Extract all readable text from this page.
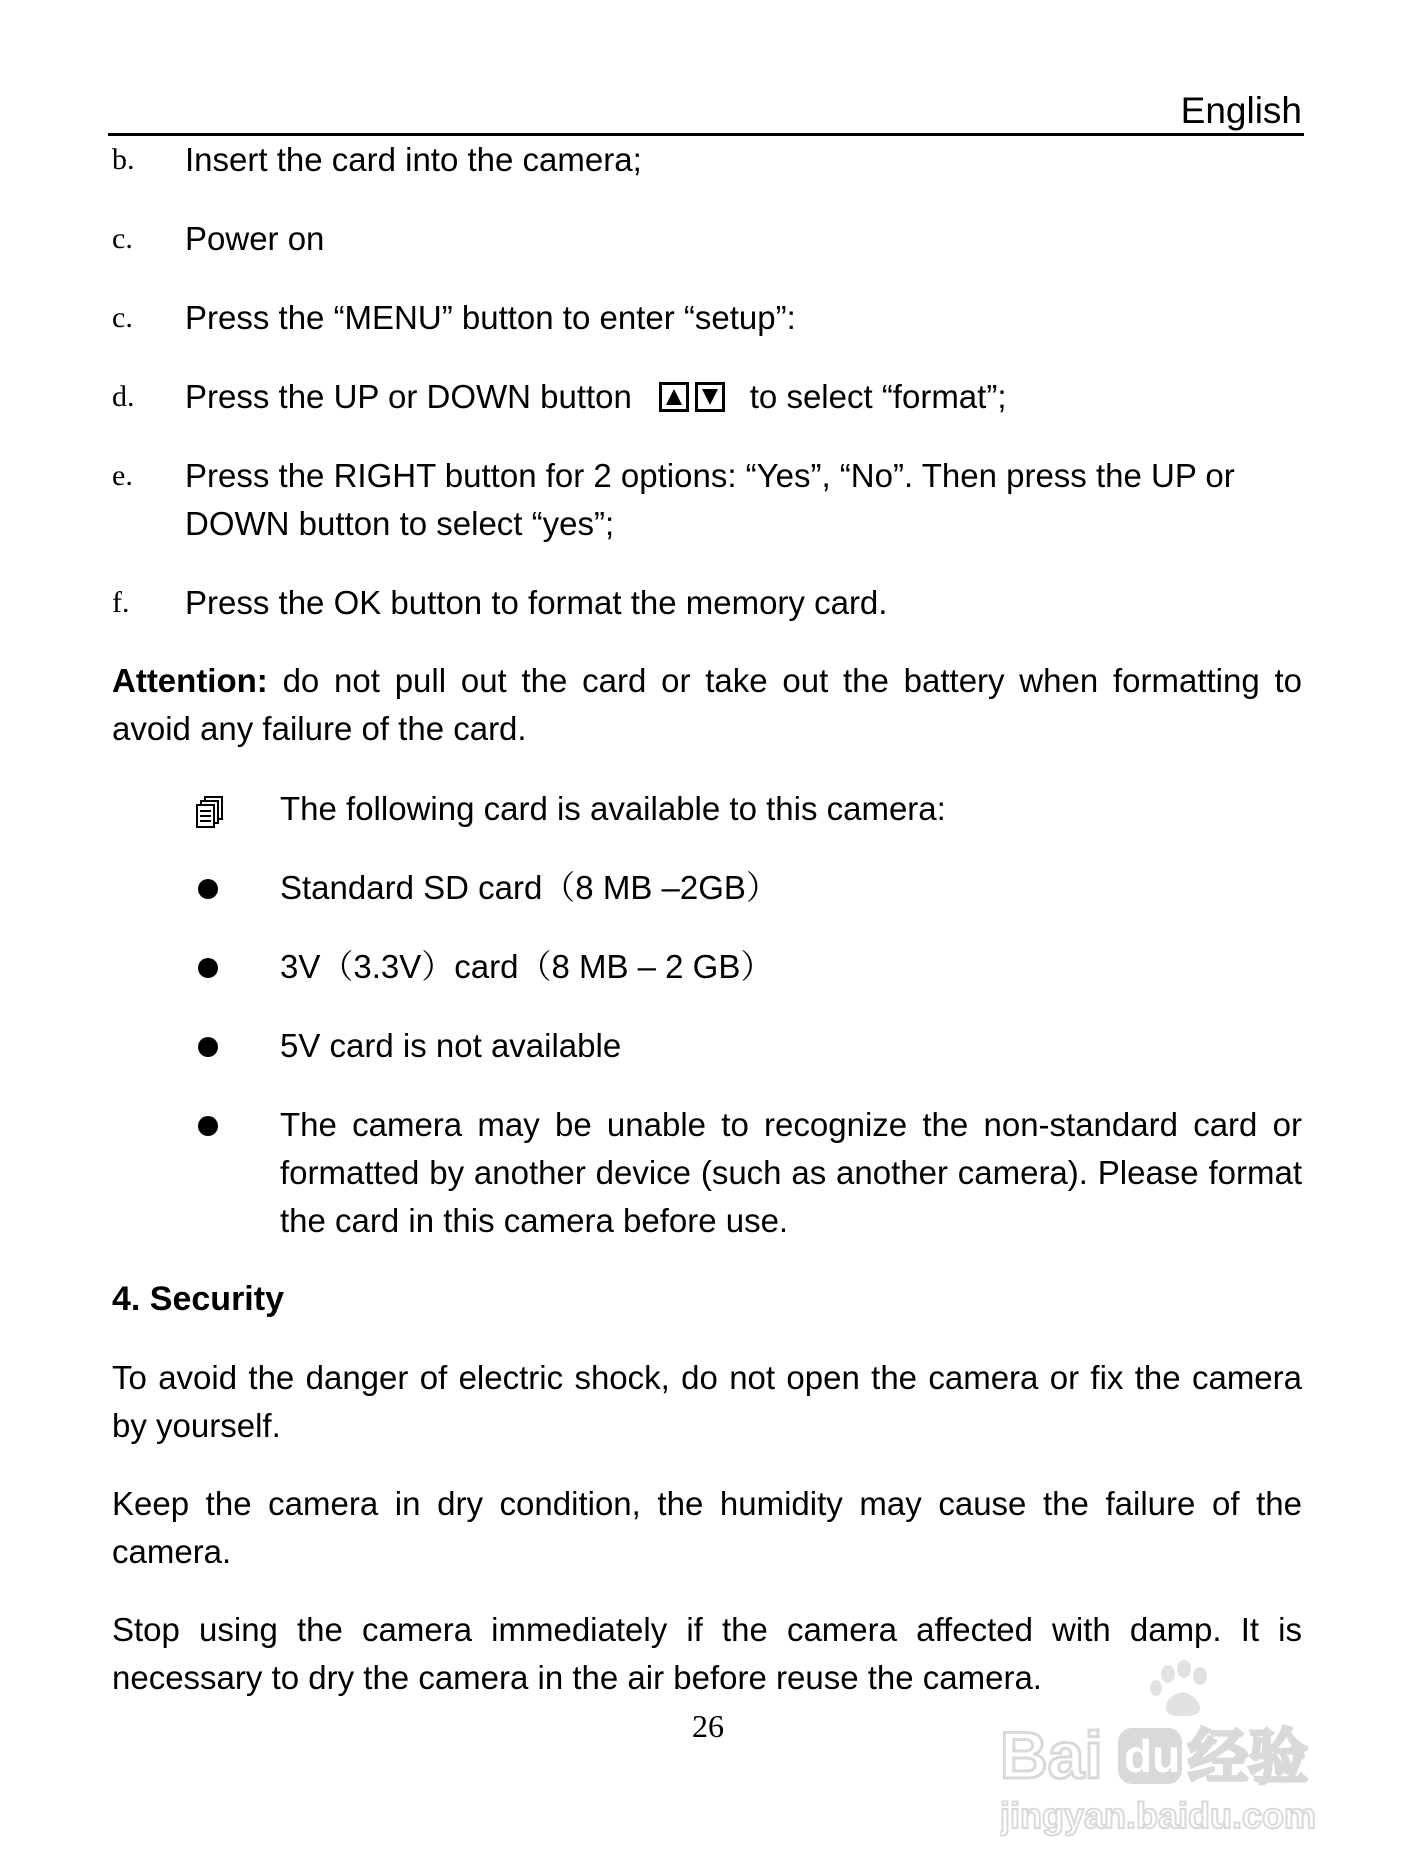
English
b. Insert the card into the camera;
c. Power on
c. Press the “MENU” button to enter “setup”:
d. Press the UP or DOWN button	to select “format”;
e. Press the RIGHT button for 2 options: “Yes”, “No”. Then press the UP or DOWN button to select “yes”;
f. Press the OK button to format the memory card.
Attention: do not pull out the card or take out the battery when formatting to avoid any failure of the card.
The following card is available to this camera:
Standard SD card（8 MB –2GB）
3V（3.3V）card（8 MB – 2 GB）
5V card is not available
The camera may be unable to recognize the non-standard card or formatted by another device (such as another camera). Please format the card in this camera before use.
4. Security
To avoid the danger of electric shock, do not open the camera or fix the camera by yourself.
Keep the camera in dry condition, the humidity may cause the failure of the camera.
Stop using the camera immediately if the camera affected with damp. It is necessary to dry the camera in the air before reuse the camera.
26	Bai du 经验
jingyan.baidu.com
